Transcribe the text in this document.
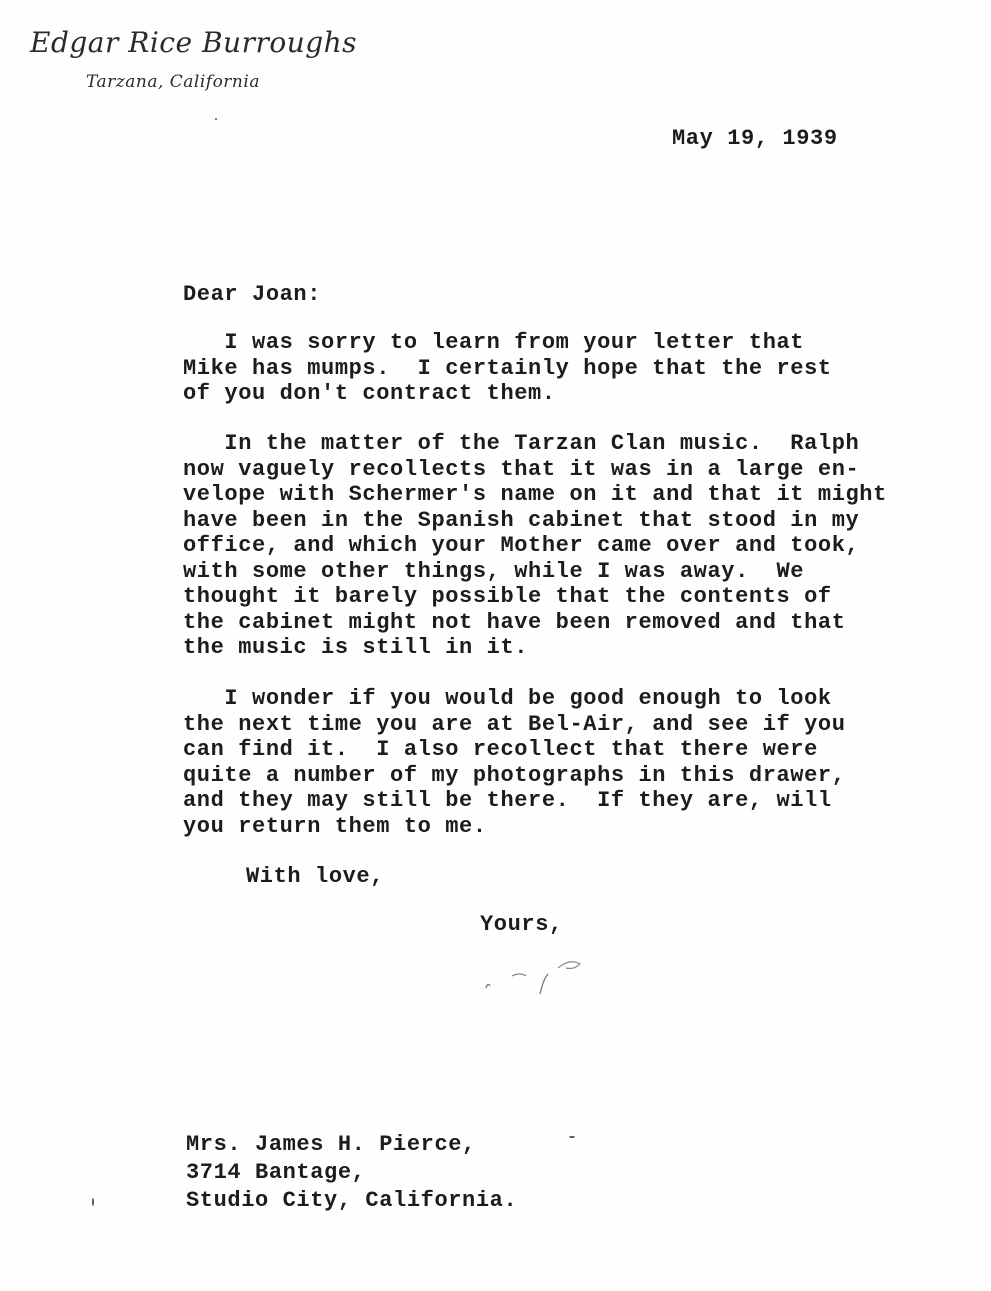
Edgar Rice Burroughs
Tarzana, California
May 19, 1939
Dear Joan:
I was sorry to learn from your letter that
Mike has mumps.  I certainly hope that the rest
of you don't contract them.
In the matter of the Tarzan Clan music.  Ralph
now vaguely recollects that it was in a large en-
velope with Schermer's name on it and that it might
have been in the Spanish cabinet that stood in my
office, and which your Mother came over and took,
with some other things, while I was away.  We
thought it barely possible that the contents of
the cabinet might not have been removed and that
the music is still in it.
I wonder if you would be good enough to look
the next time you are at Bel-Air, and see if you
can find it.  I also recollect that there were
quite a number of my photographs in this drawer,
and they may still be there.  If they are, will
you return them to me.
With love,
Yours,
Mrs. James H. Pierce,
3714 Bantage,
Studio City, California.
